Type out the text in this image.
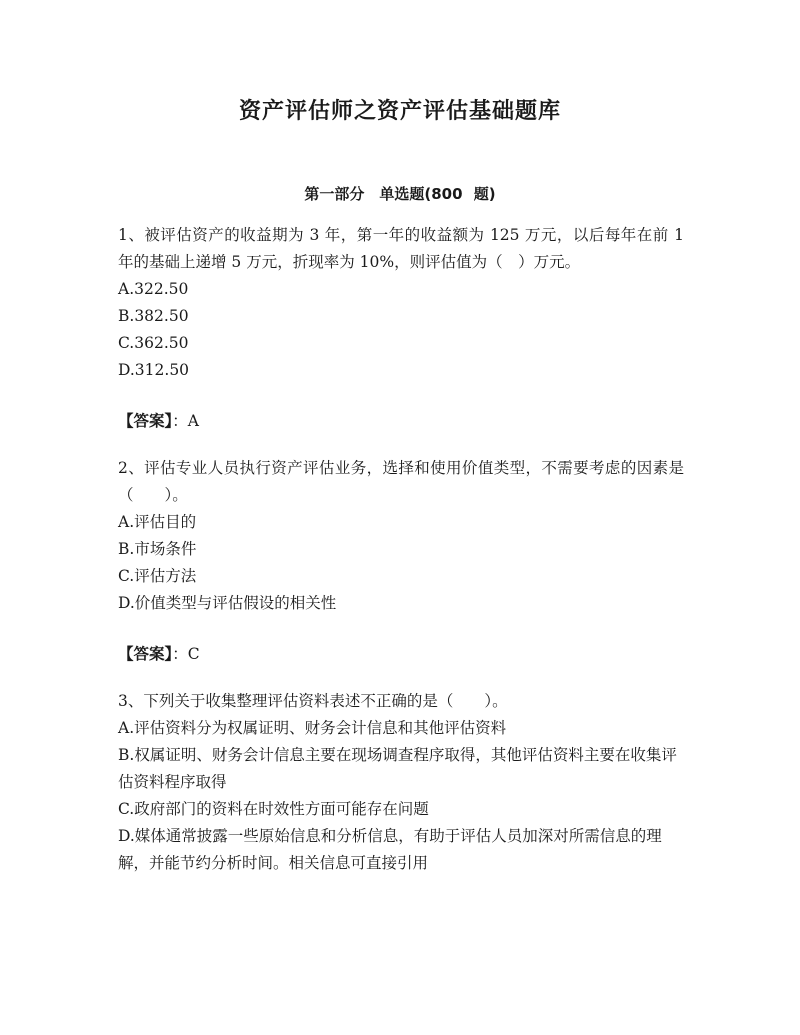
资产评估师之资产评估基础题库
第一部分　单选题(800 题)

1、被评估资产的收益期为 3 年，第一年的收益额为 125 万元，以后每年在前 1 年的基础上递增 5 万元，折现率为 10%，则评估值为（　）万元。

A.322.50

B.382.50

C.362.50

D.312.50

【答案】：A

2、评估专业人员执行资产评估业务，选择和使用价值类型，不需要考虑的因素是（　　）。

A.评估目的

B.市场条件

C.评估方法

D.价值类型与评估假设的相关性

【答案】：C

3、下列关于收集整理评估资料表述不正确的是（　　）。

A.评估资料分为权属证明、财务会计信息和其他评估资料

B.权属证明、财务会计信息主要在现场调查程序取得，其他评估资料主要在收集评估资料程序取得

C.政府部门的资料在时效性方面可能存在问题

D.媒体通常披露一些原始信息和分析信息，有助于评估人员加深对所需信息的理解，并能节约分析时间。相关信息可直接引用
